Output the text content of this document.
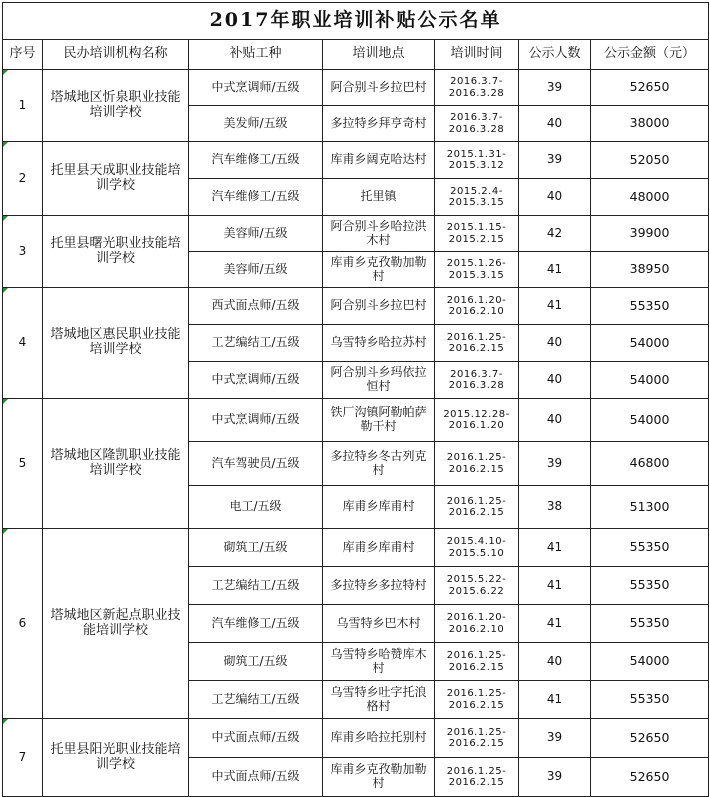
2017年职业培训补贴公示名单						
序号	民办培训机构名称	补贴工种	培训地点	培训时间	公示人数	公示金额（元）
1	塔城地区忻泉职业技能培训学校	中式烹调师/五级	阿合别斗乡拉巴村	2016.3.7-2016.3.28	39	52650
		美发师/五级	多拉特乡拜亨奇村	2016.3.7-2016.3.28	40	38000
2	托里县天成职业技能培训学校	汽车维修工/五级	库甫乡阔克哈达村	2015.1.31-2015.3.12	39	52050
		汽车维修工/五级	托里镇	2015.2.4-2015.3.15	40	48000
3	托里县曙光职业技能培训学校	美容师/五级	阿合别斗乡哈拉洪木村	2015.1.15-2015.2.15	42	39900
		美容师/五级	库甫乡克孜勒加勒村	2015.1.26-2015.3.15	41	38950
4	塔城地区惠民职业技能培训学校	西式面点师/五级	阿合别斗乡拉巴村	2016.1.20-2016.2.10	41	55350
		工艺编结工/五级	乌雪特乡哈拉苏村	2016.1.25-2016.2.15	40	54000
		中式烹调师/五级	阿合别斗乡玛依拉恒村	2016.3.7-2016.3.28	40	54000
5	塔城地区隆凯职业技能培训学校	中式烹调师/五级	铁厂沟镇阿勒帕萨勒干村	2015.12.28-2016.1.20	40	54000
		汽车驾驶员/五级	多拉特乡冬古列克村	2016.1.25-2016.2.15	39	46800
		电工/五级	库甫乡库甫村	2016.1.25-2016.2.15	38	51300
6	塔城地区新起点职业技能培训学校	砌筑工/五级	库甫乡库甫村	2015.4.10-2015.5.10	41	55350
		工艺编结工/五级	多拉特乡多拉特村	2015.5.22-2015.6.22	41	55350
		汽车维修工/五级	乌雪特乡巴木村	2016.1.20-2016.2.10	41	55350
		砌筑工/五级	乌雪特乡哈赞库木村	2016.1.25-2016.2.15	40	54000
		工艺编结工/五级	乌雪特乡吐字托浪格村	2016.1.25-2016.2.15	41	55350
7	托里县阳光职业技能培训学校	中式面点师/五级	库甫乡哈拉托别村	2016.1.25-2016.2.15	39	52650
		中式面点师/五级	库甫乡克孜勒加勒村	2016.1.25-2016.2.15	39	52650
